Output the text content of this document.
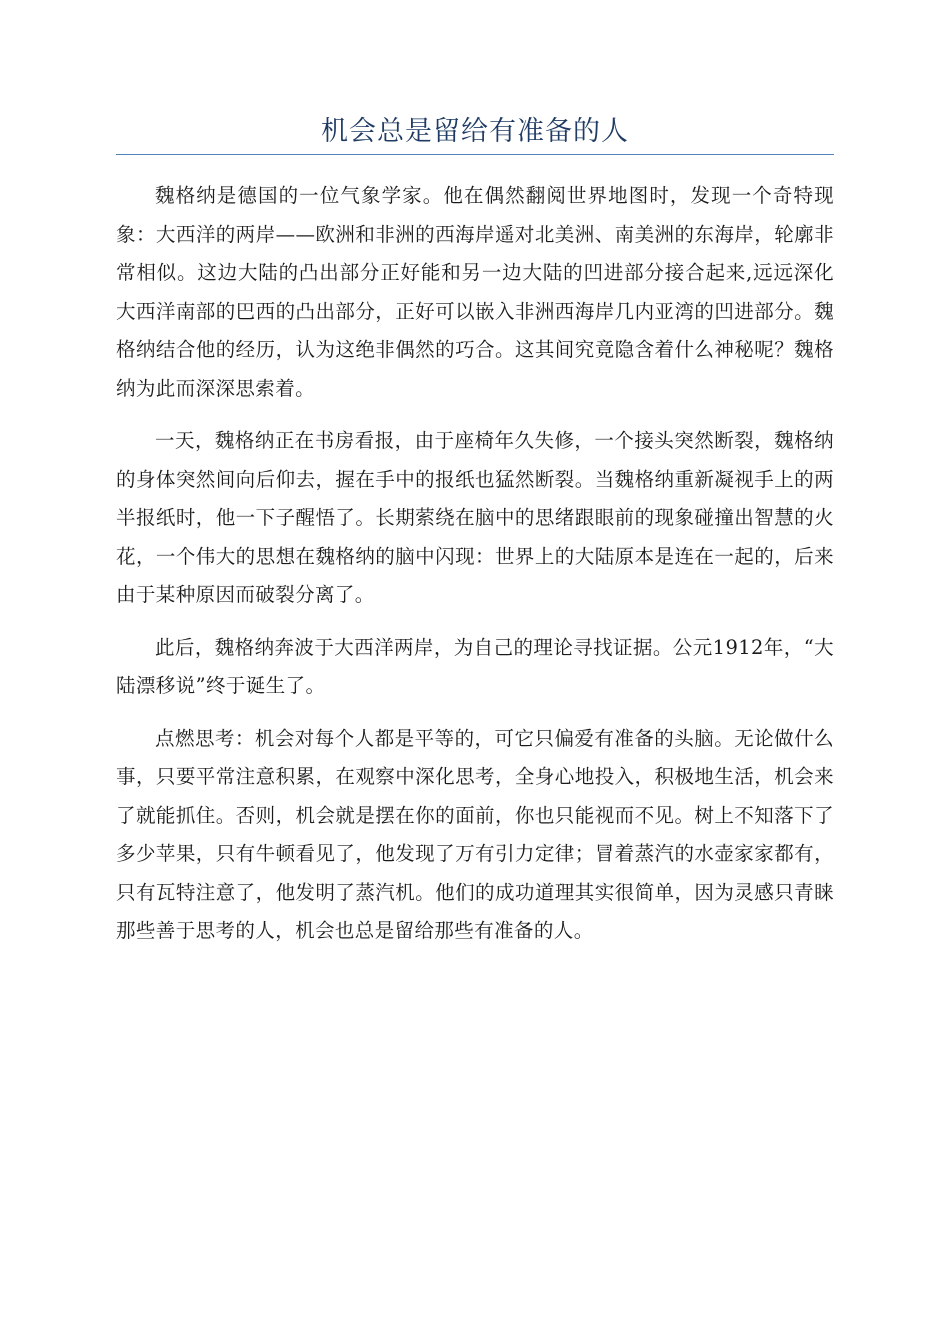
机会总是留给有准备的人

魏格纳是德国的一位气象学家。他在偶然翻阅世界地图时，发现一个奇特现象：大西洋的两岸——欧洲和非洲的西海岸遥对北美洲、南美洲的东海岸，轮廓非常相似。这边大陆的凸出部分正好能和另一边大陆的凹进部分接合起来,远远深化大西洋南部的巴西的凸出部分，正好可以嵌入非洲西海岸几内亚湾的凹进部分。魏格纳结合他的经历，认为这绝非偶然的巧合。这其间究竟隐含着什么神秘呢？魏格纳为此而深深思索着。

一天，魏格纳正在书房看报，由于座椅年久失修，一个接头突然断裂，魏格纳的身体突然间向后仰去，握在手中的报纸也猛然断裂。当魏格纳重新凝视手上的两半报纸时，他一下子醒悟了。长期萦绕在脑中的思绪跟眼前的现象碰撞出智慧的火花，一个伟大的思想在魏格纳的脑中闪现：世界上的大陆原本是连在一起的，后来由于某种原因而破裂分离了。

此后，魏格纳奔波于大西洋两岸，为自己的理论寻找证据。公元1912年，“大陆漂移说”终于诞生了。

点燃思考：机会对每个人都是平等的，可它只偏爱有准备的头脑。无论做什么事，只要平常注意积累，在观察中深化思考，全身心地投入，积极地生活，机会来了就能抓住。否则，机会就是摆在你的面前，你也只能视而不见。树上不知落下了多少苹果，只有牛顿看见了，他发现了万有引力定律；冒着蒸汽的水壶家家都有，只有瓦特注意了，他发明了蒸汽机。他们的成功道理其实很简单，因为灵感只青睐那些善于思考的人，机会也总是留给那些有准备的人。
